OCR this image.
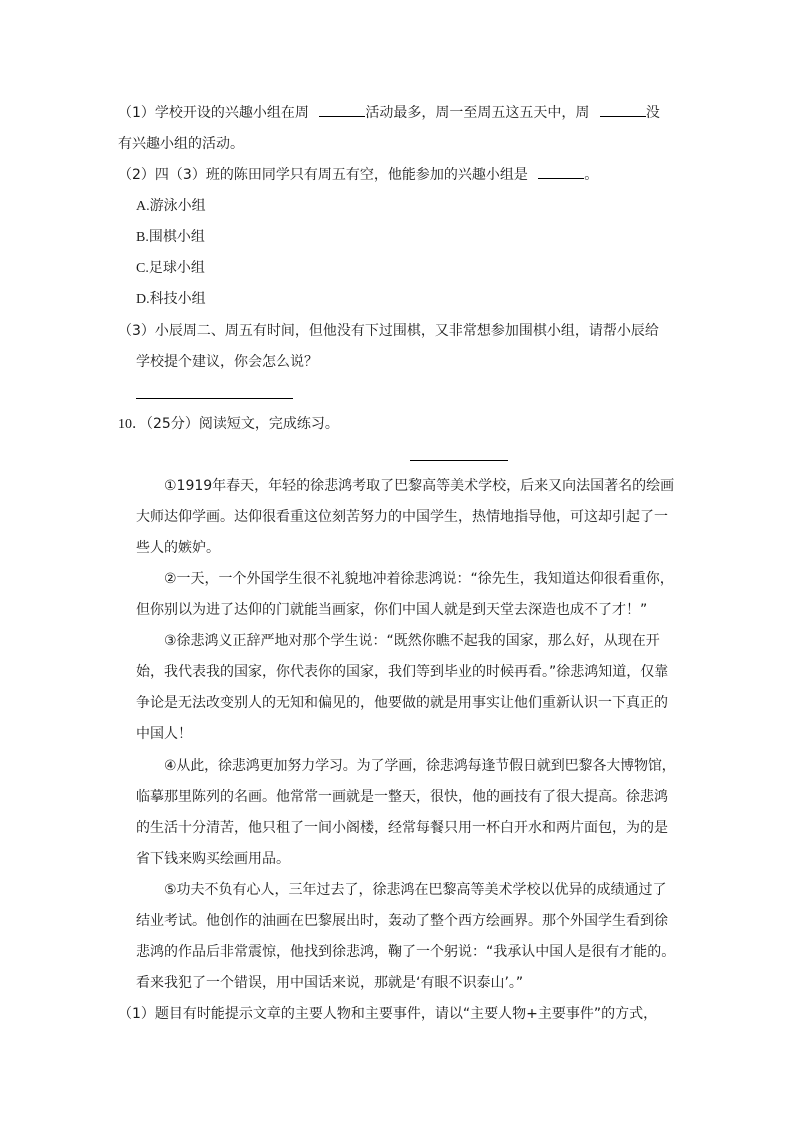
（1）学校开设的兴趣小组在周	活动最多，周一至周五这五天中，周	没
有兴趣小组的活动。
（2）四（3）班的陈田同学只有周五有空，他能参加的兴趣小组是	。
A.游泳小组
B.围棋小组
C.足球小组
D.科技小组
（3）小辰周二、周五有时间，但他没有下过围棋，又非常想参加围棋小组，请帮小辰给
学校提个建议，你会怎么说？
10．（25分）阅读短文，完成练习。
①1919年春天，年轻的徐悲鸿考取了巴黎高等美术学校，后来又向法国著名的绘画
大师达仰学画。达仰很看重这位刻苦努力的中国学生，热情地指导他，可这却引起了一
些人的嫉妒。
②一天，一个外国学生很不礼貌地冲着徐悲鸿说：“徐先生，我知道达仰很看重你，
但你别以为进了达仰的门就能当画家，你们中国人就是到天堂去深造也成不了才！”
③徐悲鸿义正辞严地对那个学生说：“既然你瞧不起我的国家，那么好，从现在开
始，我代表我的国家，你代表你的国家，我们等到毕业的时候再看。”徐悲鸿知道，仅靠
争论是无法改变别人的无知和偏见的，他要做的就是用事实让他们重新认识一下真正的
中国人！
④从此，徐悲鸿更加努力学习。为了学画，徐悲鸿每逢节假日就到巴黎各大博物馆，
临摹那里陈列的名画。他常常一画就是一整天，很快，他的画技有了很大提高。徐悲鸿
的生活十分清苦，他只租了一间小阁楼，经常每餐只用一杯白开水和两片面包，为的是
省下钱来购买绘画用品。
⑤功夫不负有心人，三年过去了，徐悲鸿在巴黎高等美术学校以优异的成绩通过了
结业考试。他创作的油画在巴黎展出时，轰动了整个西方绘画界。那个外国学生看到徐
悲鸿的作品后非常震惊，他找到徐悲鸿，鞠了一个躬说：“我承认中国人是很有才能的。
看来我犯了一个错误，用中国话来说，那就是‘有眼不识泰山’。”
（1）题目有时能提示文章的主要人物和主要事件，请以“主要人物+主要事件”的方式，
